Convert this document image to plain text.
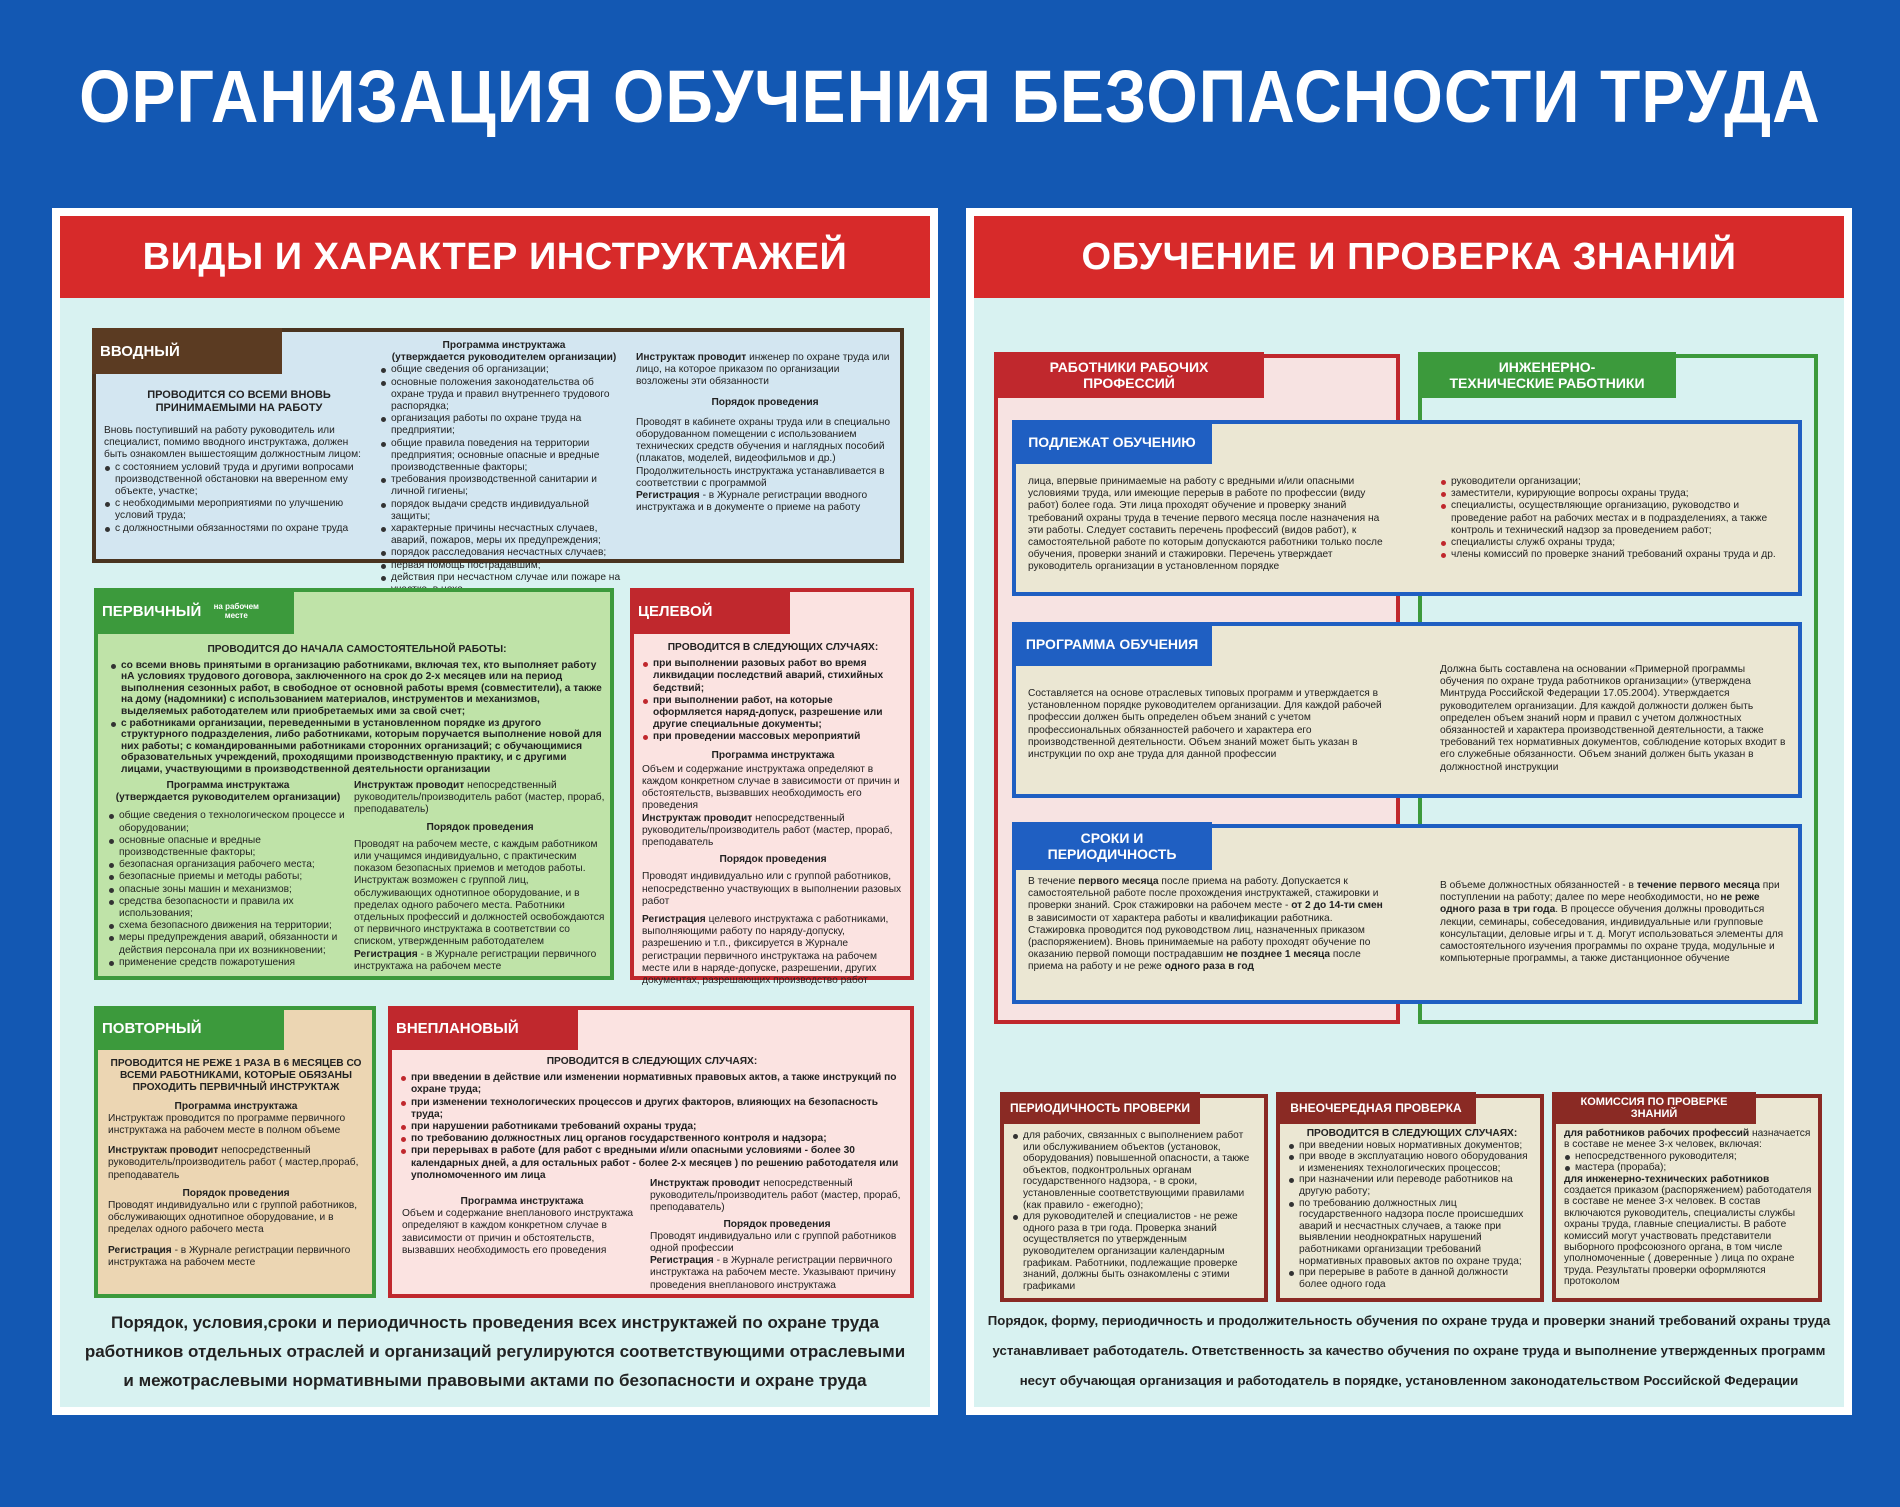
ОРГАНИЗАЦИЯ ОБУЧЕНИЯ БЕЗОПАСНОСТИ ТРУДА
ВИДЫ И ХАРАКТЕР ИНСТРУКТАЖЕЙ
ВВОДНЫЙ
ПРОВОДИТСЯ СО ВСЕМИ ВНОВЬ ПРИНИМАЕМЫМИ НА РАБОТУ
Вновь поступивший на работу руководитель или специалист, помимо вводного инструктажа, должен быть ознакомлен вышестоящим должностным лицом:
с состоянием условий труда и другими вопросами производственной обстановки на вверенном ему объекте, участке;
с необходимыми мероприятиями по улучшению условий труда;
с должностными обязанностями по охране труда
Программа инструктажа
(утверждается руководителем организации)
общие сведения об организации;
основные положения законодательства об охране труда и правил внутреннего трудового распорядка;
организация работы по охране труда на предприятии;
общие правила поведения на территории предприятия; основные опасные и вредные производственные факторы;
требования производственной санитарии и личной гигиены;
порядок выдачи средств индивидуальной защиты;
характерные причины несчастных случаев, аварий, пожаров, меры их предупреждения;
порядок расследования несчастных случаев;
первая помощь пострадавшим;
действия при несчастном случае или пожаре на
Инструктаж проводит инженер по охране труда или лицо, на которое приказом по организации возложены эти обязанности
Порядок проведения
Проводят в кабинете охраны труда или в специально оборудованном помещении с использованием технических средств обучения и наглядных пособий (плакатов, моделей, видеофильмов и др.) Продолжительность инструктажа устанавливается в соответствии с программой
Регистрация - в Журнале регистрации вводного инструктажа и в документе о приеме на работу
ПЕРВИЧНЫЙ на рабочем месте
ПРОВОДИТСЯ ДО НАЧАЛА САМОСТОЯТЕЛЬНОЙ РАБОТЫ:
со всеми вновь принятыми в организацию работниками, включая тех, кто выполняет работу нА условиях трудового договора, заключенного на срок до 2-х месяцев или на период выполнения сезонных работ, в свободное от основной работы время (совместители), а также на дому (надомники) с использованием материалов, инструментов и механизмов, выделяемых работодателем или приобретаемых ими за свой счет;
с работниками организации, переведенными в установленном порядке из другого структурного подразделения, либо работниками, которым поручается выполнение новой для них работы; с командированными работниками сторонних организаций; с обучающимися образовательных учреждений, проходящими производственную практику, и с другими лицами, участвующими в производственной деятельности организации
Программа инструктажа
(утверждается руководителем организации)
общие сведения о технологическом процессе и оборудовании;
основные опасные и вредные производственные факторы;
безопасная организация рабочего места;
безопасные приемы и методы работы;
опасные зоны машин и механизмов;
средства безопасности и правила их использования;
схема безопасного движения на территории;
меры предупреждения аварий, обязанности и действия персонала при их возникновении;
применение средств пожаротушения
Инструктаж проводит непосредственный руководитель/производитель работ (мастер, прораб, преподаватель)
Порядок проведения
Проводят на рабочем месте, с каждым работником или учащимся индивидуально, с практическим показом безопасных приемов и методов работы. Инструктаж возможен с группой лиц, обслуживающих однотипное оборудование, и в пределах одного рабочего места. Работники отдельных профессий и должностей освобождаются от первичного инструктажа в соответствии со списком, утвержденным работодателем
Регистрация - в Журнале регистрации первичного инструктажа на рабочем месте
ЦЕЛЕВОЙ
ПРОВОДИТСЯ В СЛЕДУЮЩИХ СЛУЧАЯХ:
при выполнении разовых работ во время ликвидации последствий аварий, стихийных бедствий;
при выполнении работ, на которые оформляется наряд-допуск, разрешение или другие специальные документы;
при проведении массовых мероприятий
Программа инструктажа
Объем и содержание инструктажа определяют в каждом конкретном случае в зависимости от причин и обстоятельств, вызвавших необходимость его проведения
Инструктаж проводит непосредственный руководитель/производитель работ (мастер, прораб, преподаватель
Порядок проведения
Проводят индивидуально или с группой работников, непосредственно участвующих в выполнении разовых работ
Регистрация целевого инструктажа с работниками, выполняющими работу по наряду-допуску, разрешению и т.п., фиксируется в Журнале регистрации первичного инструктажа на рабочем месте или в наряде-допуске, разрешении, других документах, разрешающих производство работ
ПОВТОРНЫЙ
ПРОВОДИТСЯ НЕ РЕЖЕ 1 РАЗА В 6 МЕСЯЦЕВ СО ВСЕМИ РАБОТНИКАМИ, КОТОРЫЕ ОБЯЗАНЫ ПРОХОДИТЬ ПЕРВИЧНЫЙ ИНСТРУКТАЖ
Программа инструктажа
Инструктаж проводится по программе первичного инструктажа на рабочем месте в полном объеме
Инструктаж проводит непосредственный руководитель/производитель работ ( мастер,прораб, преподаватель
Порядок проведения
Проводят индивидуально или с группой работников, обслуживающих однотипное оборудование, и в пределах одного рабочего места
Регистрация - в Журнале регистрации первичного инструктажа на рабочем месте
ВНЕПЛАНОВЫЙ
ПРОВОДИТСЯ В СЛЕДУЮЩИХ СЛУЧАЯХ:
при введении в действие или изменении нормативных правовых актов, а также инструкций по охране труда;
при изменении технологических процессов и других факторов, влияющих на безопасность труда;
при нарушении работниками требований охраны труда;
по требованию должностных лиц органов государственного контроля и надзора;
при перерывах в работе (для работ с вредными и/или опасными условиями - более 30 календарных дней, а для остальных работ - более 2-х месяцев ) по решению работодателя или уполномоченного им лица
Программа инструктажа
Объем и содержание внепланового инструктажа определяют в каждом конкретном случае в зависимости от причин и обстоятельств, вызвавших необходимость его проведения
Инструктаж проводит непосредственный руководитель/производитель работ (мастер, прораб, преподаватель)
Порядок проведения
Проводят индивидуально или с группой работников одной профессии
Регистрация - в Журнале регистрации первичного инструктажа на рабочем месте. Указывают причину проведения внепланового инструктажа
Порядок, условия,сроки и периодичность проведения всех инструктажей по охране труда
работников отдельных отраслей и организаций регулируются соответствующими отраслевыми
и межотраслевыми нормативными правовыми актами по безопасности и охране труда
ОБУЧЕНИЕ И ПРОВЕРКА ЗНАНИЙ
РАБОТНИКИ РАБОЧИХ ПРОФЕССИЙ
ИНЖЕНЕРНО-ТЕХНИЧЕСКИЕ РАБОТНИКИ
ПОДЛЕЖАТ ОБУЧЕНИЮ
лица, впервые принимаемые на работу с вредными и/или опасными условиями труда, или имеющие перерыв в работе по профессии (виду работ) более года. Эти лица проходят обучение и проверку знаний требований охраны труда в течение первого месяца после назначения на эти работы. Следует составить перечень профессий (видов работ), к самостоятельной работе по которым допускаются работники только после обучения, проверки знаний и стажировки. Перечень утверждает руководитель организации в установленном порядке
руководители организации;
заместители, курирующие вопросы охраны труда;
специалисты, осуществляющие организацию, руководство и проведение работ на рабочих местах и в подразделениях, а также контроль и технический надзор за проведением работ;
специалисты служб охраны труда;
члены комиссий по проверке знаний требований охраны труда и др.
ПРОГРАММА ОБУЧЕНИЯ
Составляется на основе отраслевых типовых программ и утверждается в установленном порядке руководителем организации. Для каждой рабочей профессии должен быть определен объем знаний с учетом профессиональных обязанностей рабочего и характера его производственной деятельности. Объем знаний может быть указан в инструкции по охр ане труда для данной профессии
Должна быть составлена на основании «Примерной программы обучения по охране труда работников организации» (утверждена Минтруда Российской Федерации 17.05.2004). Утверждается руководителем организации. Для каждой должности должен быть определен объем знаний норм и правил с учетом должностных обязанностей и характера производственной деятельности, а также требований тех нормативных документов, соблюдение которых входит в его служебные обязанности. Объем знаний должен быть указан в должностной инструкции
СРОКИ И ПЕРИОДИЧНОСТЬ
В течение первого месяца после приема на работу. Допускается к самостоятельной работе после прохождения инструктажей, стажировки и проверки знаний. Срок стажировки на рабочем месте - от 2 до 14-ти смен в зависимости от характера работы и квалификации работника. Стажировка проводится под руководством лиц, назначенных приказом (распоряжением). Вновь принимаемые на работу проходят обучение по оказанию первой помощи пострадавшим не позднее 1 месяца после приема на работу и не реже одного раза в год
В объеме должностных обязанностей - в течение первого месяца при поступлении на работу; далее по мере необходимости, но не реже одного раза в три года. В процессе обучения должны проводиться лекции, семинары, собеседования, индивидуальные или групповые консультации, деловые игры и т. д. Могут использоваться элементы для самостоятельного изучения программы по охране труда, модульные и компьютерные программы, а также дистанционное обучение
ПЕРИОДИЧНОСТЬ ПРОВЕРКИ
для рабочих, связанных с выполнением работ или обслуживанием объектов (установок, оборудования) повышенной опасности, а также объектов, подконтрольных органам государственного надзора, - в сроки, установленные соответствующими правилами (как правило - ежегодно);
для руководителей и специалистов - не реже одного раза в три года. Проверка знаний осуществляется по утвержденным руководителем организации календарным графикам. Работники, подлежащие проверке знаний, должны быть ознакомлены с этими графиками
ВНЕОЧЕРЕДНАЯ ПРОВЕРКА
ПРОВОДИТСЯ В СЛЕДУЮЩИХ СЛУЧАЯХ:
при введении новых нормативных документов;
при вводе в эксплуатацию нового оборудования и изменениях технологических процессов;
при назначении или переводе работников на другую работу;
по требованию должностных лиц государственного надзора после происшедших аварий и несчастных случаев, а также при выявлении неоднократных нарушений работниками организации требований нормативных правовых актов по охране труда;
при перерыве в работе в данной должности более одного года
КОМИССИЯ ПО ПРОВЕРКЕ ЗНАНИЙ
для работников рабочих профессий назначается в составе не менее 3-х человек, включая:
непосредственного руководителя;
мастера (прораба);
для инженерно-технических работников создается приказом (распоряжением) работодателя в составе не менее 3-х человек. В состав включаются руководитель, специалисты службы охраны труда, главные специалисты. В работе комиссий могут участвовать представители выборного профсоюзного органа, в том числе уполномоченные ( доверенные ) лица по охране труда. Результаты проверки оформляются протоколом
Порядок, форму, периодичность и продолжительность обучения по охране труда и проверки знаний требований охраны труда
устанавливает работодатель. Ответственность за качество обучения по охране труда и выполнение утвержденных программ
несут обучающая организация и работодатель в порядке, установленном законодательством Российской Федерации
